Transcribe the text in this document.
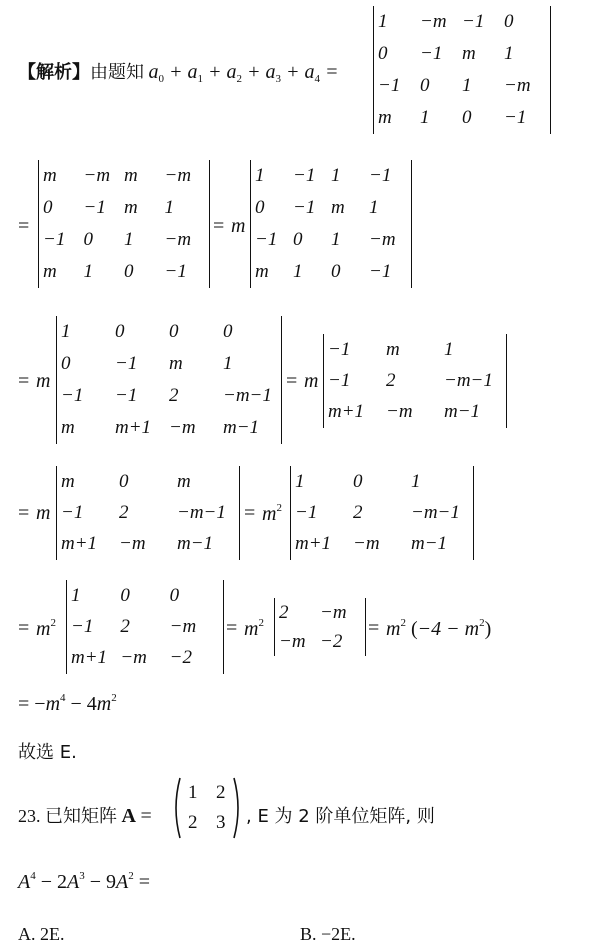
【解析】由题知 $a_0 + a_1 + a_2 + a_3 + a_4$ =
1 −m −1 0
0 −1 m 1
−1 0 1 −m
m 1 0 −1
=
m −m m −m
0 −1 m 1
−1 0 1 −m
m 1 0 −1
= m
1 −1 1 −1
0 −1 m 1
−1 0 1 −m
m 1 0 −1
= m
1 0 0 0
0 −1 m 1
−1 −1 2 −m−1
m m+1 −m m−1
= m
−1 m 1
−1 2	−m−1
m+1 −m m−1
= m
m 0	m
−1 2	−m−1
m+1 −m m−1
= $m^2$
1	0	1
−1 2	−m−1
m+1 −m m−1
= $m^2$
1 0 0
−1 2 −m
m+1 −m −2
= $m^2$
2 −m
−m −2
= $m^2$ $(-4 - m^2)$
= $-m^4 - 4m^2$
故选 E.
23. 已知矩阵 A =
1 2
2 3 , E 为 2 阶单位矩阵, 则
$A^4 - 2A^3 - 9A^2$ =
A. 2E.	B. −2E.
